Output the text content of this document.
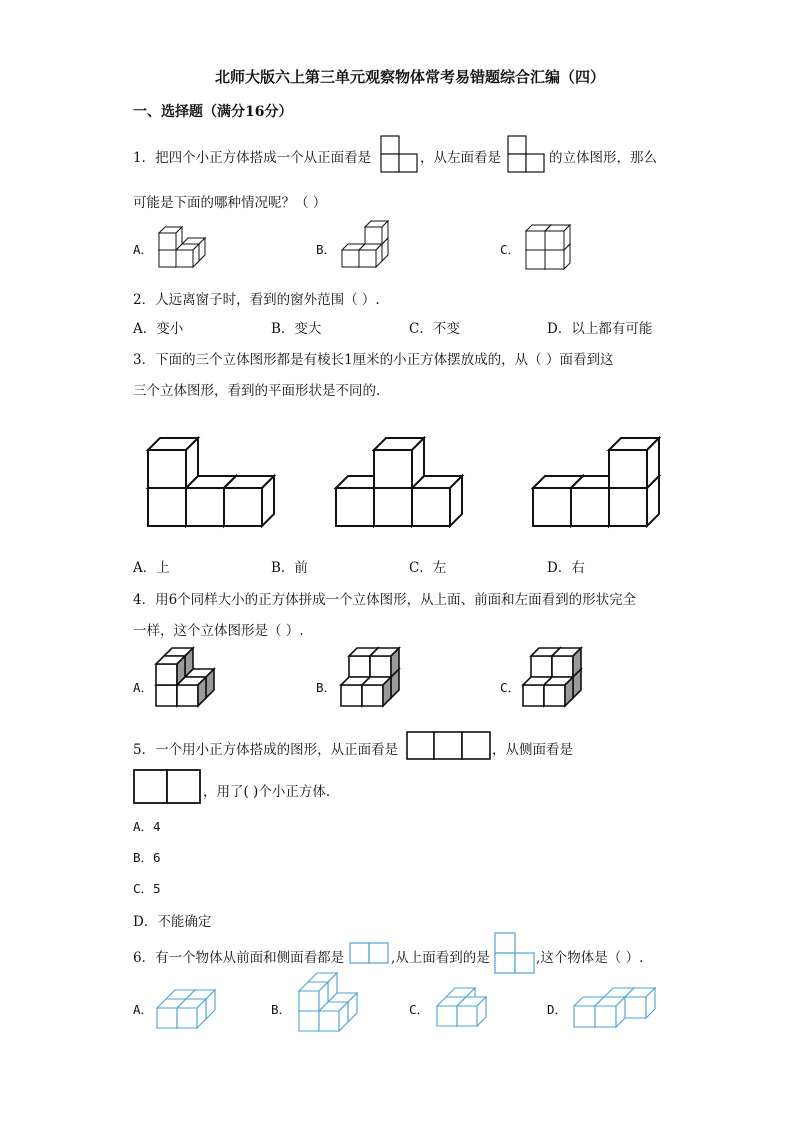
北师大版六上第三单元观察物体常考易错题综合汇编（四）
一、选择题（满分16分）
1．把四个小正方体搭成一个从正面看是	，从左面看是	的立体图形，那么
可能是下面的哪种情况呢？（ ）
A．	B．	C．
2．人远离窗子时，看到的窗外范围（ ）.
A．变小	B．变大	C．不变	D．以上都有可能
3．下面的三个立体图形都是有棱长1厘米的小正方体摆放成的，从（ ）面看到这
三个立体图形，看到的平面形状是不同的.
A．上	B．前	C．左	D．右
4．用6个同样大小的正方体拼成一个立体图形，从上面、前面和左面看到的形状完全
一样，这个立体图形是（ ）.
A．	B．	C．
5．一个用小正方体搭成的图形，从正面看是	，从侧面看是
，用了( )个小正方体.
A．4
B．6
C．5
D．不能确定
6．有一个物体从前面和侧面看都是	,从上面看到的是	,这个物体是（ ）.
A．	B．	C．	D．
